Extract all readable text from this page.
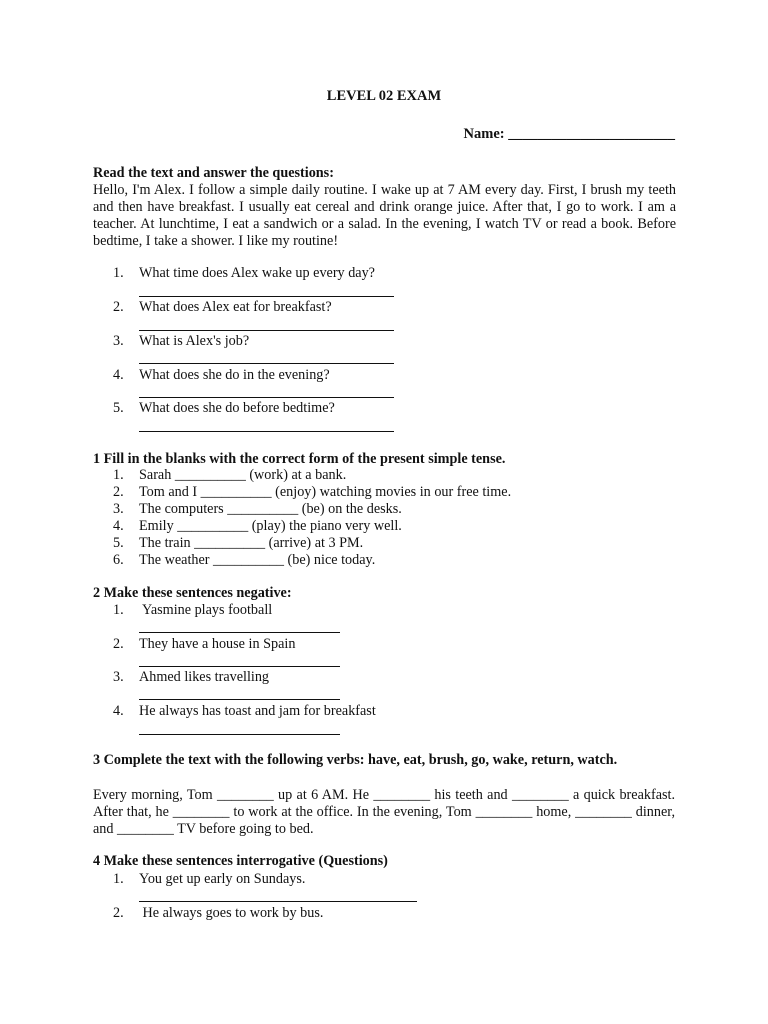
LEVEL 02 EXAM
Name: _______________________
Read the text and answer the questions:
Hello, I'm Alex. I follow a simple daily routine. I wake up at 7 AM every day. First, I brush my teeth and then have breakfast. I usually eat cereal and drink orange juice. After that, I go to work. I am a teacher. At lunchtime, I eat a sandwich or a salad. In the evening, I watch TV or read a book. Before bedtime, I take a shower. I like my routine!
1. What time does Alex wake up every day?
2. What does Alex eat for breakfast?
3. What is Alex's job?
4. What does she do in the evening?
5. What does she do before bedtime?
1 Fill in the blanks with the correct form of the present simple tense.
1. Sarah __________ (work) at a bank.
2. Tom and I __________ (enjoy) watching movies in our free time.
3. The computers __________ (be) on the desks.
4. Emily __________ (play) the piano very well.
5. The train __________ (arrive) at 3 PM.
6. The weather __________ (be) nice today.
2 Make these sentences negative:
1. Yasmine plays football
2. They have a house in Spain
3. Ahmed likes travelling
4. He always has toast and jam for breakfast
3 Complete the text with the following verbs: have, eat, brush, go, wake, return, watch.
Every morning, Tom ________ up at 6 AM. He ________ his teeth and ________ a quick breakfast. After that, he ________ to work at the office. In the evening, Tom ________ home, ________ dinner, and ________ TV before going to bed.
4 Make these sentences interrogative (Questions)
1. You get up early on Sundays.
2. He always goes to work by bus.
